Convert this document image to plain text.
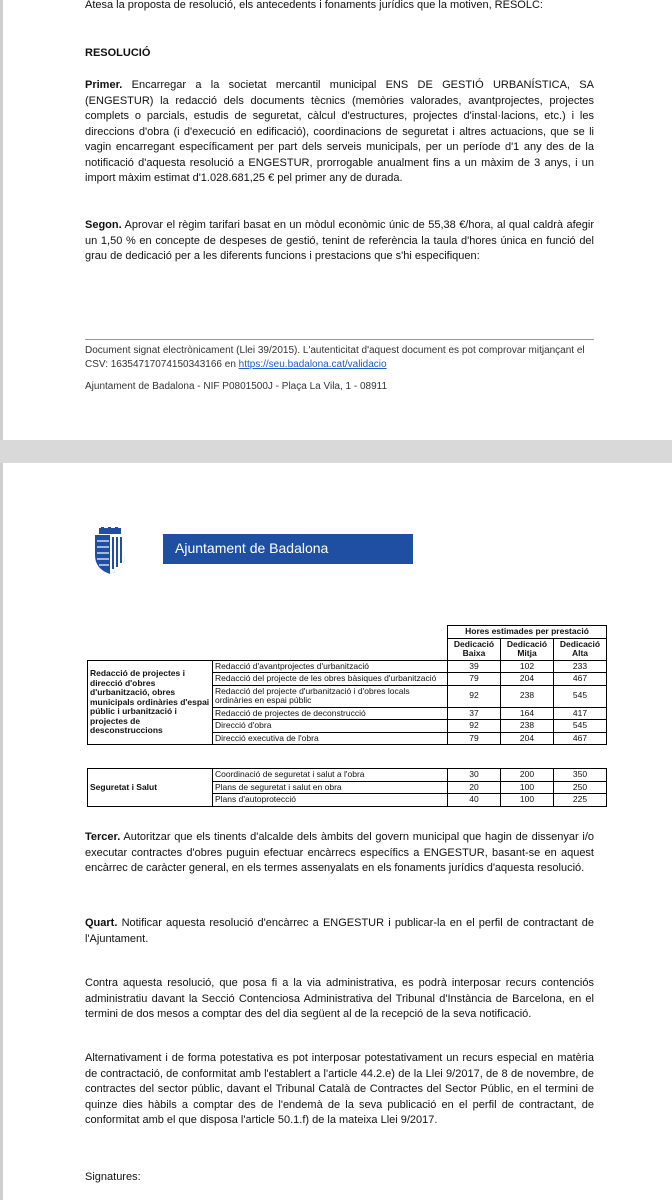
Atesa la proposta de resolució, els antecedents i fonaments jurídics que la motiven, RESOLC:

RESOLUCIÓ

Primer. Encarregar a la societat mercantil municipal ENS DE GESTIÓ URBANÍSTICA, SA (ENGESTUR) la redacció dels documents tècnics (memòries valorades, avantprojectes, projectes complets o parcials, estudis de seguretat, càlcul d'estructures, projectes d'instal·lacions, etc.) i les direccions d'obra (i d'execució en edificació), coordinacions de seguretat i altres actuacions, que se li vagin encarregant específicament per part dels serveis municipals, per un període d'1 any des de la notificació d'aquesta resolució a ENGESTUR, prorrogable anualment fins a un màxim de 3 anys, i un import màxim estimat d'1.028.681,25 € pel primer any de durada.

Segon. Aprovar el règim tarifari basat en un mòdul econòmic únic de 55,38 €/hora, al qual caldrà afegir un 1,50 % en concepte de despeses de gestió, tenint de referència la taula d'hores única en funció del grau de dedicació per a les diferents funcions i prestacions que s'hi especifiquen:

Document signat electrònicament (Llei 39/2015). L'autenticitat d'aquest document es pot comprovar mitjançant el CSV: 16354717074150343166 en https://seu.badalona.cat/validacio
Ajuntament de Badalona - NIF P0801500J - Plaça La Vila, 1 - 08911
Ajuntament de Badalona
		Hores estimades per prestació		
		Dedicació Baixa	Dedicació Mitja	Dedicació Alta
Redacció de projectes i direcció d'obres d'urbanització, obres municipals ordinàries d'espai públic i urbanització i projectes de desconstruccions	Redacció d'avantprojectes d'urbanització	39	102	233
	Redacció del projecte de les obres bàsiques d'urbanització	79	204	467
	Redacció del projecte d'urbanització i d'obres locals ordinàries en espai públic	92	238	545
	Redacció de projectes de deconstrucció	37	164	417
	Direcció d'obra	92	238	545
	Direcció executiva de l'obra	79	204	467
Seguretat i Salut	Coordinació de seguretat i salut a l'obra	30	200	350
	Plans de seguretat i salut en obra	20	100	250
	Plans d'autoprotecció	40	100	225

Tercer. Autoritzar que els tinents d'alcalde dels àmbits del govern municipal que hagin de dissenyar i/o executar contractes d'obres puguin efectuar encàrrecs específics a ENGESTUR, basant-se en aquest encàrrec de caràcter general, en els termes assenyalats en els fonaments jurídics d'aquesta resolució.

Quart. Notificar aquesta resolució d'encàrrec a ENGESTUR i publicar-la en el perfil de contractant de l'Ajuntament.

Contra aquesta resolució, que posa fi a la via administrativa, es podrà interposar recurs contenciós administratiu davant la Secció Contenciosa Administrativa del Tribunal d'Instància de Barcelona, en el termini de dos mesos a comptar des del dia següent al de la recepció de la seva notificació.

Alternativament i de forma potestativa es pot interposar potestativament un recurs especial en matèria de contractació, de conformitat amb l'establert a l'article 44.2.e) de la Llei 9/2017, de 8 de novembre, de contractes del sector públic, davant el Tribunal Català de Contractes del Sector Públic, en el termini de quinze dies hàbils a comptar des de l'endemà de la seva publicació en el perfil de contractant, de conformitat amb el que disposa l'article 50.1.f) de la mateixa Llei 9/2017.

Signatures:
